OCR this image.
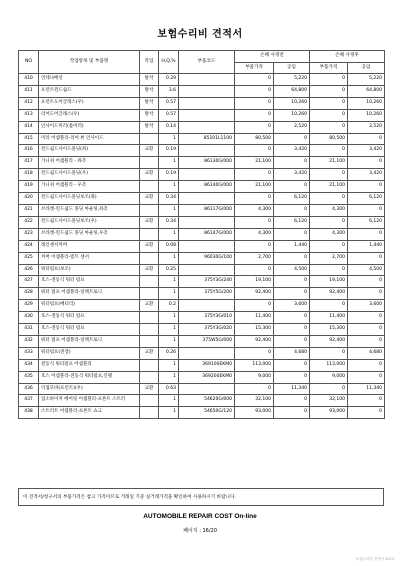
보험수리비 견적서
NO	작업항목 및 부품명	작업	H,Q,%	부품코드	손해 사정전		손해 사정후	
					부품가격	공임	부품가격	공임
410	연테나배선	탈착	0.29		0	5,220	0	5,220
411	프런트윈드쉴드	탈착	3.6		0	64,800	0	64,800
412	프런트도어글래스(우)	탈착	0.57		0	10,260	0	10,260
413	리어도어글래스(우)	탈착	0.57		0	10,260	0	10,260
414	인사이드미러(룸미러)	탈착	0.14		0	2,520	0	2,520
415	미러 어셈블리-리어 뷰 인사이드		1	85101L1100	80,500	0	80,500	0
416	윈드쉴드사이드몰딩(좌)	교환	0.19		0	3,420	0	3,420
417	가니쉬 어셈블리 - 좌측		1	86130G/000	21,100	0	21,100	0
418	윈드쉴드사이드몰딩(우)	교환	0.19		0	3,420	0	3,420
419	가니쉬 어셈블리 - 우측		1	86140G/000	21,100	0	21,100	0
420	윈드쉴드사이드몰딩보조(좌)	교환	0.34		0	6,120	0	6,120
421	브라켓-윈드쉴드 몰딩 마운팅,좌측		1	86117G/000	4,300	0	4,300	0
422	윈드쉴드사이드몰딩보조(우)	교환	0.34		0	6,120	0	6,120
423	브라켓-윈드쉴드 몰딩 마운팅,우측		1	86147G/000	4,300	0	4,300	0
424	레인센서커버	교환	0.08		0	1,440	0	1,440
425	커버 어셈블리-빌트 센서		1	96030G/100	2,700	0	2,700	0
426	워터펌프(보조)	교환	0.25		0	4,500	0	4,500
427	호스-전동식 워터 펌프		1	375Y3G/240	19,100	0	19,100	0
428	워터 펌프 어셈블리-일렉트로닉		1	375Y5G/200	92,400	0	92,400	0
429	워터펌프(배터리)	교환	0.2		0	3,600	0	3,600
430	호스-전동식 워터 펌프		1	375Y3G/010	11,400	0	11,400	0
431	호스-전동식 워터 펌프		1	375Y3G/020	15,300	0	15,300	0
432	워터 펌프 어셈블리-일렉트로닉		1	375W5G/000	92,400	0	92,400	0
433	워터펌프(전장)	교환	0.26		0	4,680	0	4,680
434	전동식 워터펌프 어셈블리		1	369100EKM0	113,000	0	113,000	0
435	호스 어셈블리-전동식 워터펌프,인렛		1	369200EKM0	9,000	0	9,000	0
436	익접모바(프런트)(우)	교환	0.63		0	11,340	0	11,340
437	업소바이저 베어링 어셈블리-프론트 스트러		1	54620G/000	32,100	0	32,100	0
438	스트러트 어셈블리-프론트 쇼크		1	54650G/120	93,000	0	93,000	0
이 견적서/청구서의 부품가격은 참고 가격이므로 거래일 기준 실거래가격을 확인하여 사용하시기 바랍니다.
AUTOMOBILE REPAIR COST On-line
페이지 : 16/20
보험수리비 견적서 2023
